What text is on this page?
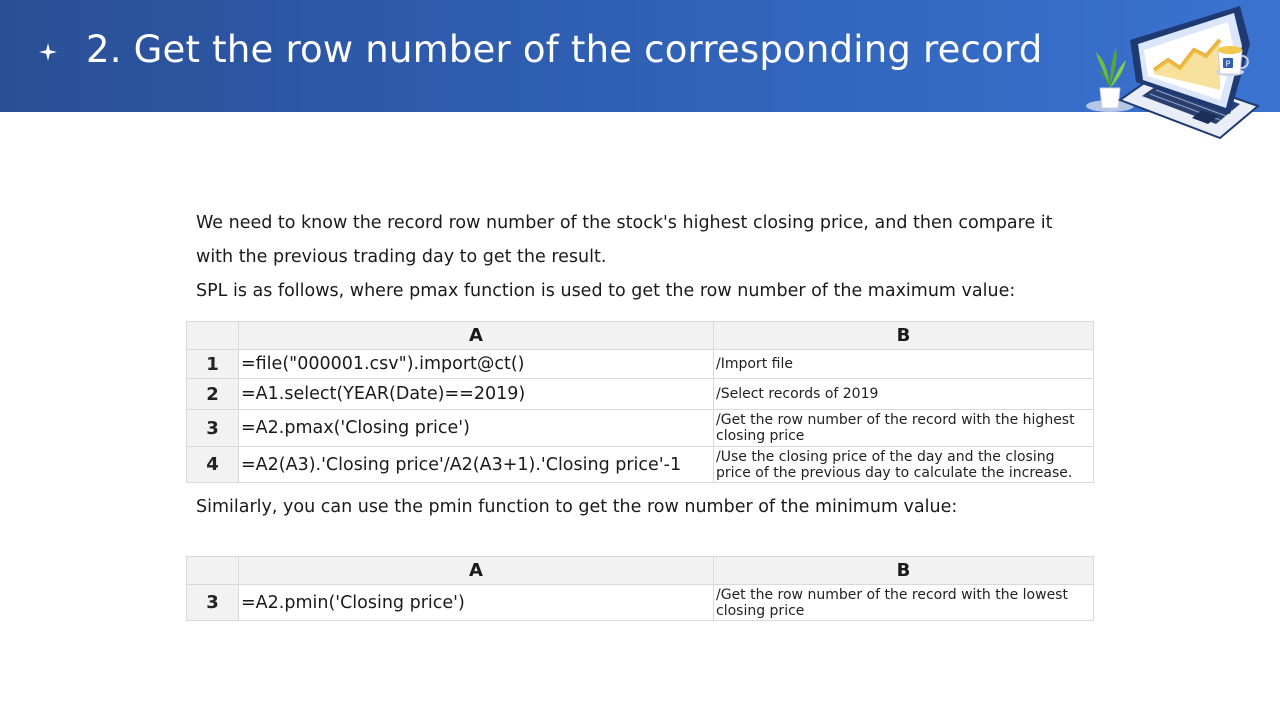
2. Get the row number of the corresponding record	P
We need to know the record row number of the stock's highest closing price, and then compare it
with the previous trading day to get the result.
SPL is as follows, where pmax function is used to get the row number of the maximum value:
	A	B
1	=file("000001.csv").import@ct()	/Import file
2	=A1.select(YEAR(Date)==2019)	/Select records of 2019
3	=A2.pmax('Closing price')	/Get the row number of the record with the highest closing price
4	=A2(A3).'Closing price'/A2(A3+1).'Closing price'-1	/Use the closing price of the day and the closing price of the previous day to calculate the increase.
Similarly, you can use the pmin function to get the row number of the minimum value:
	A	B
3	=A2.pmin('Closing price')	/Get the row number of the record with the lowest closing price
